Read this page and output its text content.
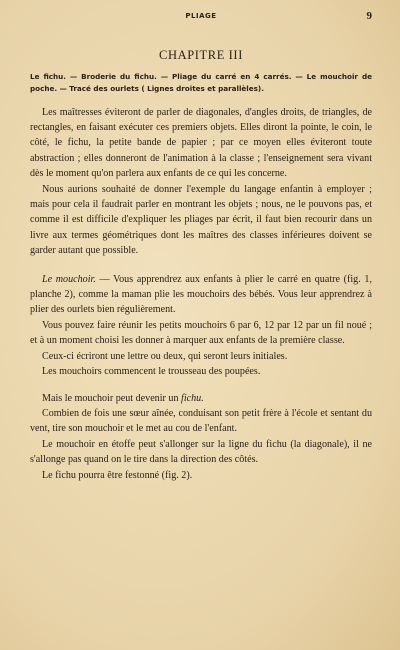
PLIAGE	9
CHAPITRE III
Le fichu. — Broderie du fichu. — Pliage du carré en 4 carrés. — Le mouchoir de poche. — Tracé des ourlets ( Lignes droites et parallèles).

Les maîtresses éviteront de parler de diagonales, d'angles droits, de triangles, de rectangles, en faisant exécuter ces premiers objets. Elles diront la pointe, le coin, le côté, le fichu, la petite bande de papier ; par ce moyen elles éviteront toute abstraction ; elles donneront de l'animation à la classe ; l'enseignement sera vivant dès le moment qu'on parlera aux enfants de ce qui les concerne.

Nous aurions souhaité de donner l'exemple du langage enfantin à employer ; mais pour cela il faudrait parler en montrant les objets ; nous, ne le pouvons pas, et comme il est difficile d'expliquer les pliages par écrit, il faut bien recourir dans un livre aux termes géométriques dont les maîtres des classes inférieures doivent se garder autant que possible.

Le mouchoir. — Vous apprendrez aux enfants à plier le carré en quatre (fig. 1, planche 2), comme la maman plie les mouchoirs des bébés. Vous leur apprendrez à plier des ourlets bien régulièrement.

Vous pouvez faire réunir les petits mouchoirs 6 par 6, 12 par 12 par un fil noué ; et à un moment choisi les donner à marquer aux enfants de la première classe.

Ceux-ci écriront une lettre ou deux, qui seront leurs initiales.

Les mouchoirs commencent le trousseau des poupées.

Mais le mouchoir peut devenir un fichu.

Combien de fois une sœur aînée, conduisant son petit frère à l'école et sentant du vent, tire son mouchoir et le met au cou de l'enfant.

Le mouchoir en étoffe peut s'allonger sur la ligne du fichu (la diagonale), il ne s'allonge pas quand on le tire dans la direction des côtés.

Le fichu pourra être festonné (fig. 2).
